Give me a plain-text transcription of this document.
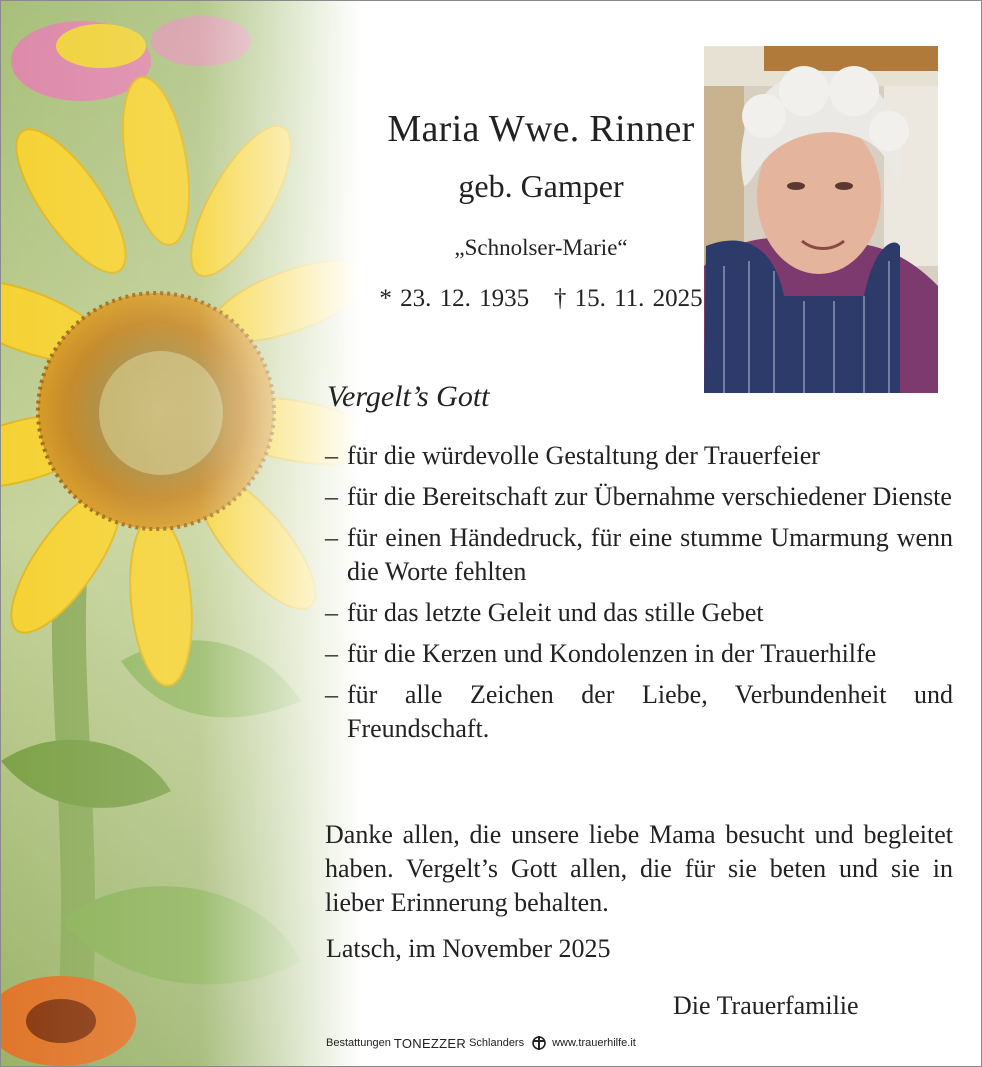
Maria Wwe. Rinner
geb. Gamper
„Schnolser-Marie“
* 23. 12. 1935   † 15. 11. 2025
Vergelt’s Gott
– für die würdevolle Gestaltung der Trauerfeier
– für die Bereitschaft zur Übernahme verschiedener Dienste
– für einen Händedruck, für eine stumme Umarmung wenn die Worte fehlten
– für das letzte Geleit und das stille Gebet
– für die Kerzen und Kondolenzen in der Trauerhilfe
– für alle Zeichen der Liebe, Verbundenheit und Freundschaft.

Danke allen, die unsere liebe Mama besucht und begleitet haben. Vergelt’s Gott allen, die für sie beten und sie in lieber Erinnerung behalten.

Latsch, im November 2025
Die Trauerfamilie
Bestattungen TONEZZER Schlanders	www.trauerhilfe.it
